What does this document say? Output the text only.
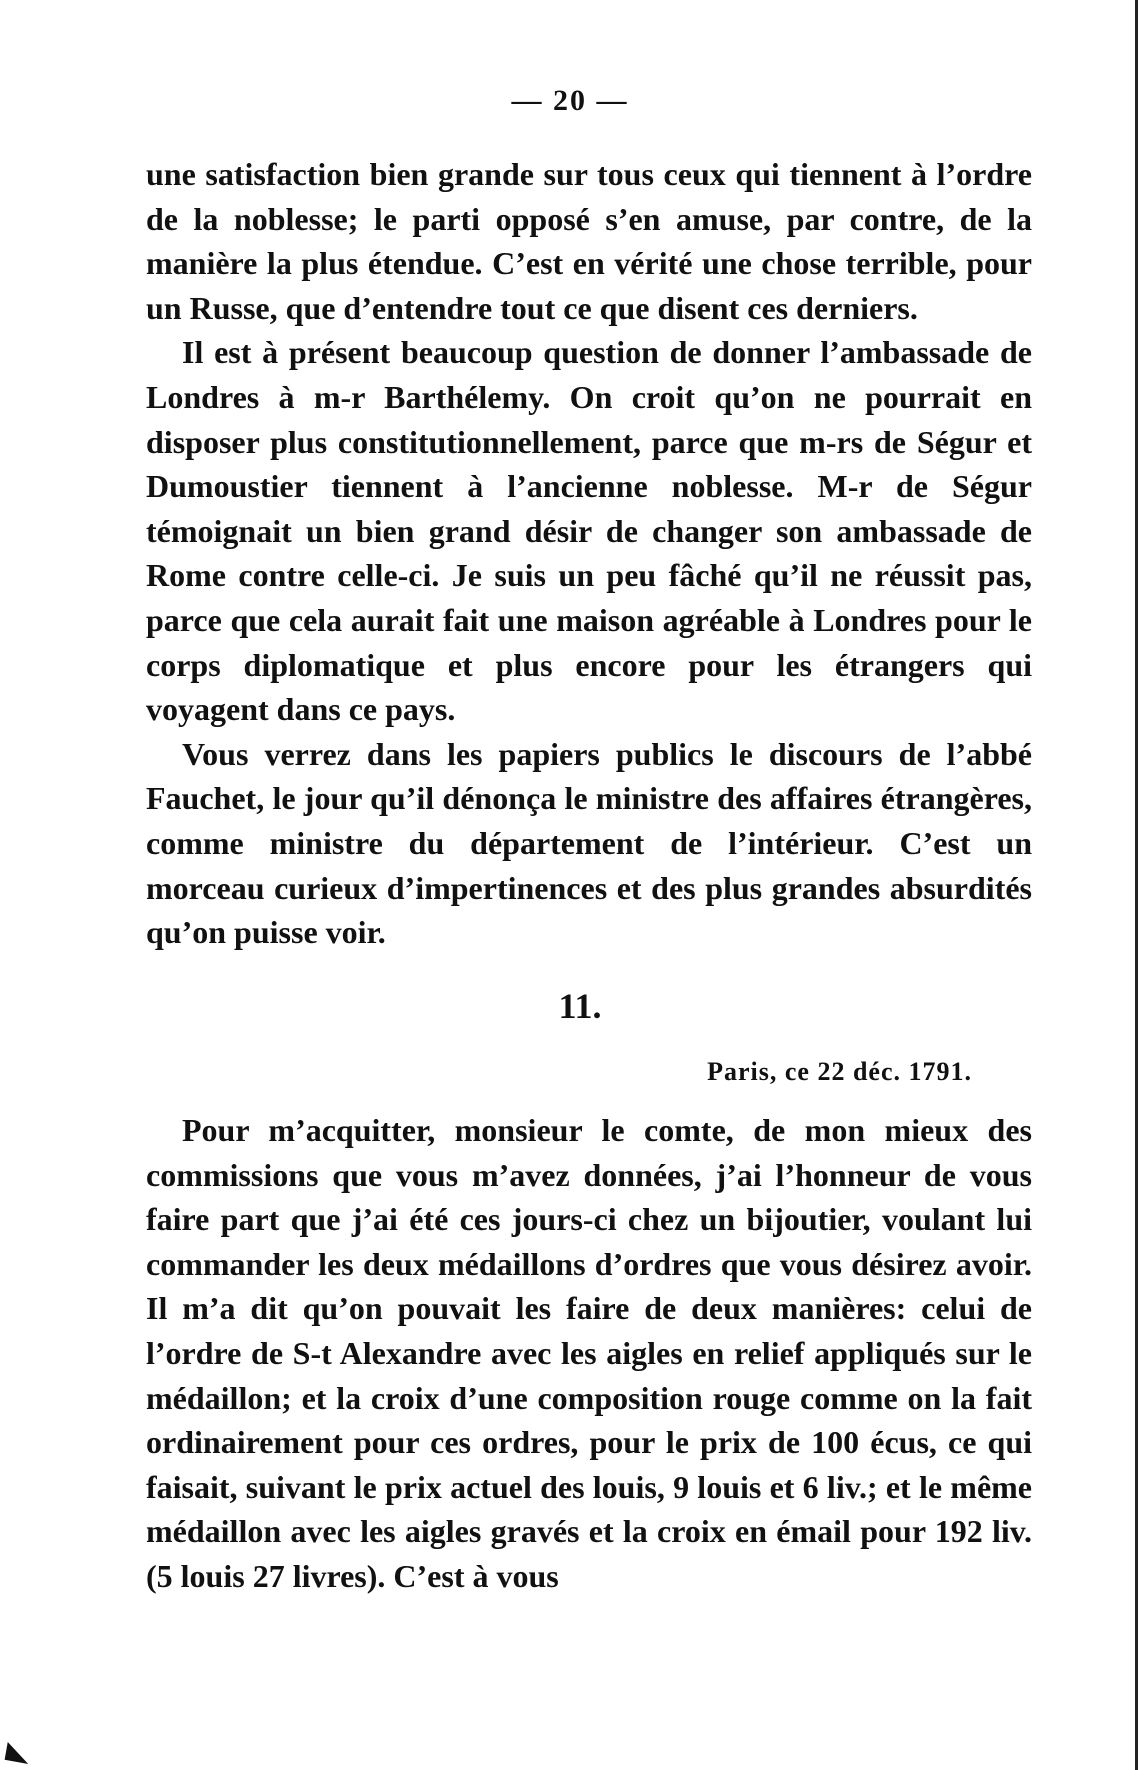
— 20 —

une satisfaction bien grande sur tous ceux qui tiennent à l’ordre de la noblesse; le parti opposé s’en amuse, par contre, de la manière la plus étendue. C’est en vérité une chose terrible, pour un Russe, que d’entendre tout ce que disent ces derniers.

Il est à présent beaucoup question de donner l’ambassade de Londres à m-r Barthélemy. On croit qu’on ne pourrait en disposer plus constitutionnellement, parce que m-rs de Ségur et Dumoustier tiennent à l’ancienne noblesse. M-r de Ségur témoignait un bien grand désir de changer son ambassade de Rome contre celle-ci. Je suis un peu fâché qu’il ne réussit pas, parce que cela aurait fait une maison agréable à Londres pour le corps diplomatique et plus encore pour les étrangers qui voyagent dans ce pays.

Vous verrez dans les papiers publics le discours de l’abbé Fauchet, le jour qu’il dénonça le ministre des affaires étrangères, comme ministre du département de l’intérieur. C’est un morceau curieux d’impertinences et des plus grandes absurdités qu’on puisse voir.

11.
Paris, ce 22 déc. 1791.

Pour m’acquitter, monsieur le comte, de mon mieux des commissions que vous m’avez données, j’ai l’honneur de vous faire part que j’ai été ces jours-ci chez un bijoutier, voulant lui commander les deux médaillons d’ordres que vous désirez avoir. Il m’a dit qu’on pouvait les faire de deux manières: celui de l’ordre de S-t Alexandre avec les aigles en relief appliqués sur le médaillon; et la croix d’une composition rouge comme on la fait ordinairement pour ces ordres, pour le prix de 100 écus, ce qui faisait, suivant le prix actuel des louis, 9 louis et 6 liv.; et le même médaillon avec les aigles gravés et la croix en émail pour 192 liv. (5 louis 27 livres). C’est à vous
